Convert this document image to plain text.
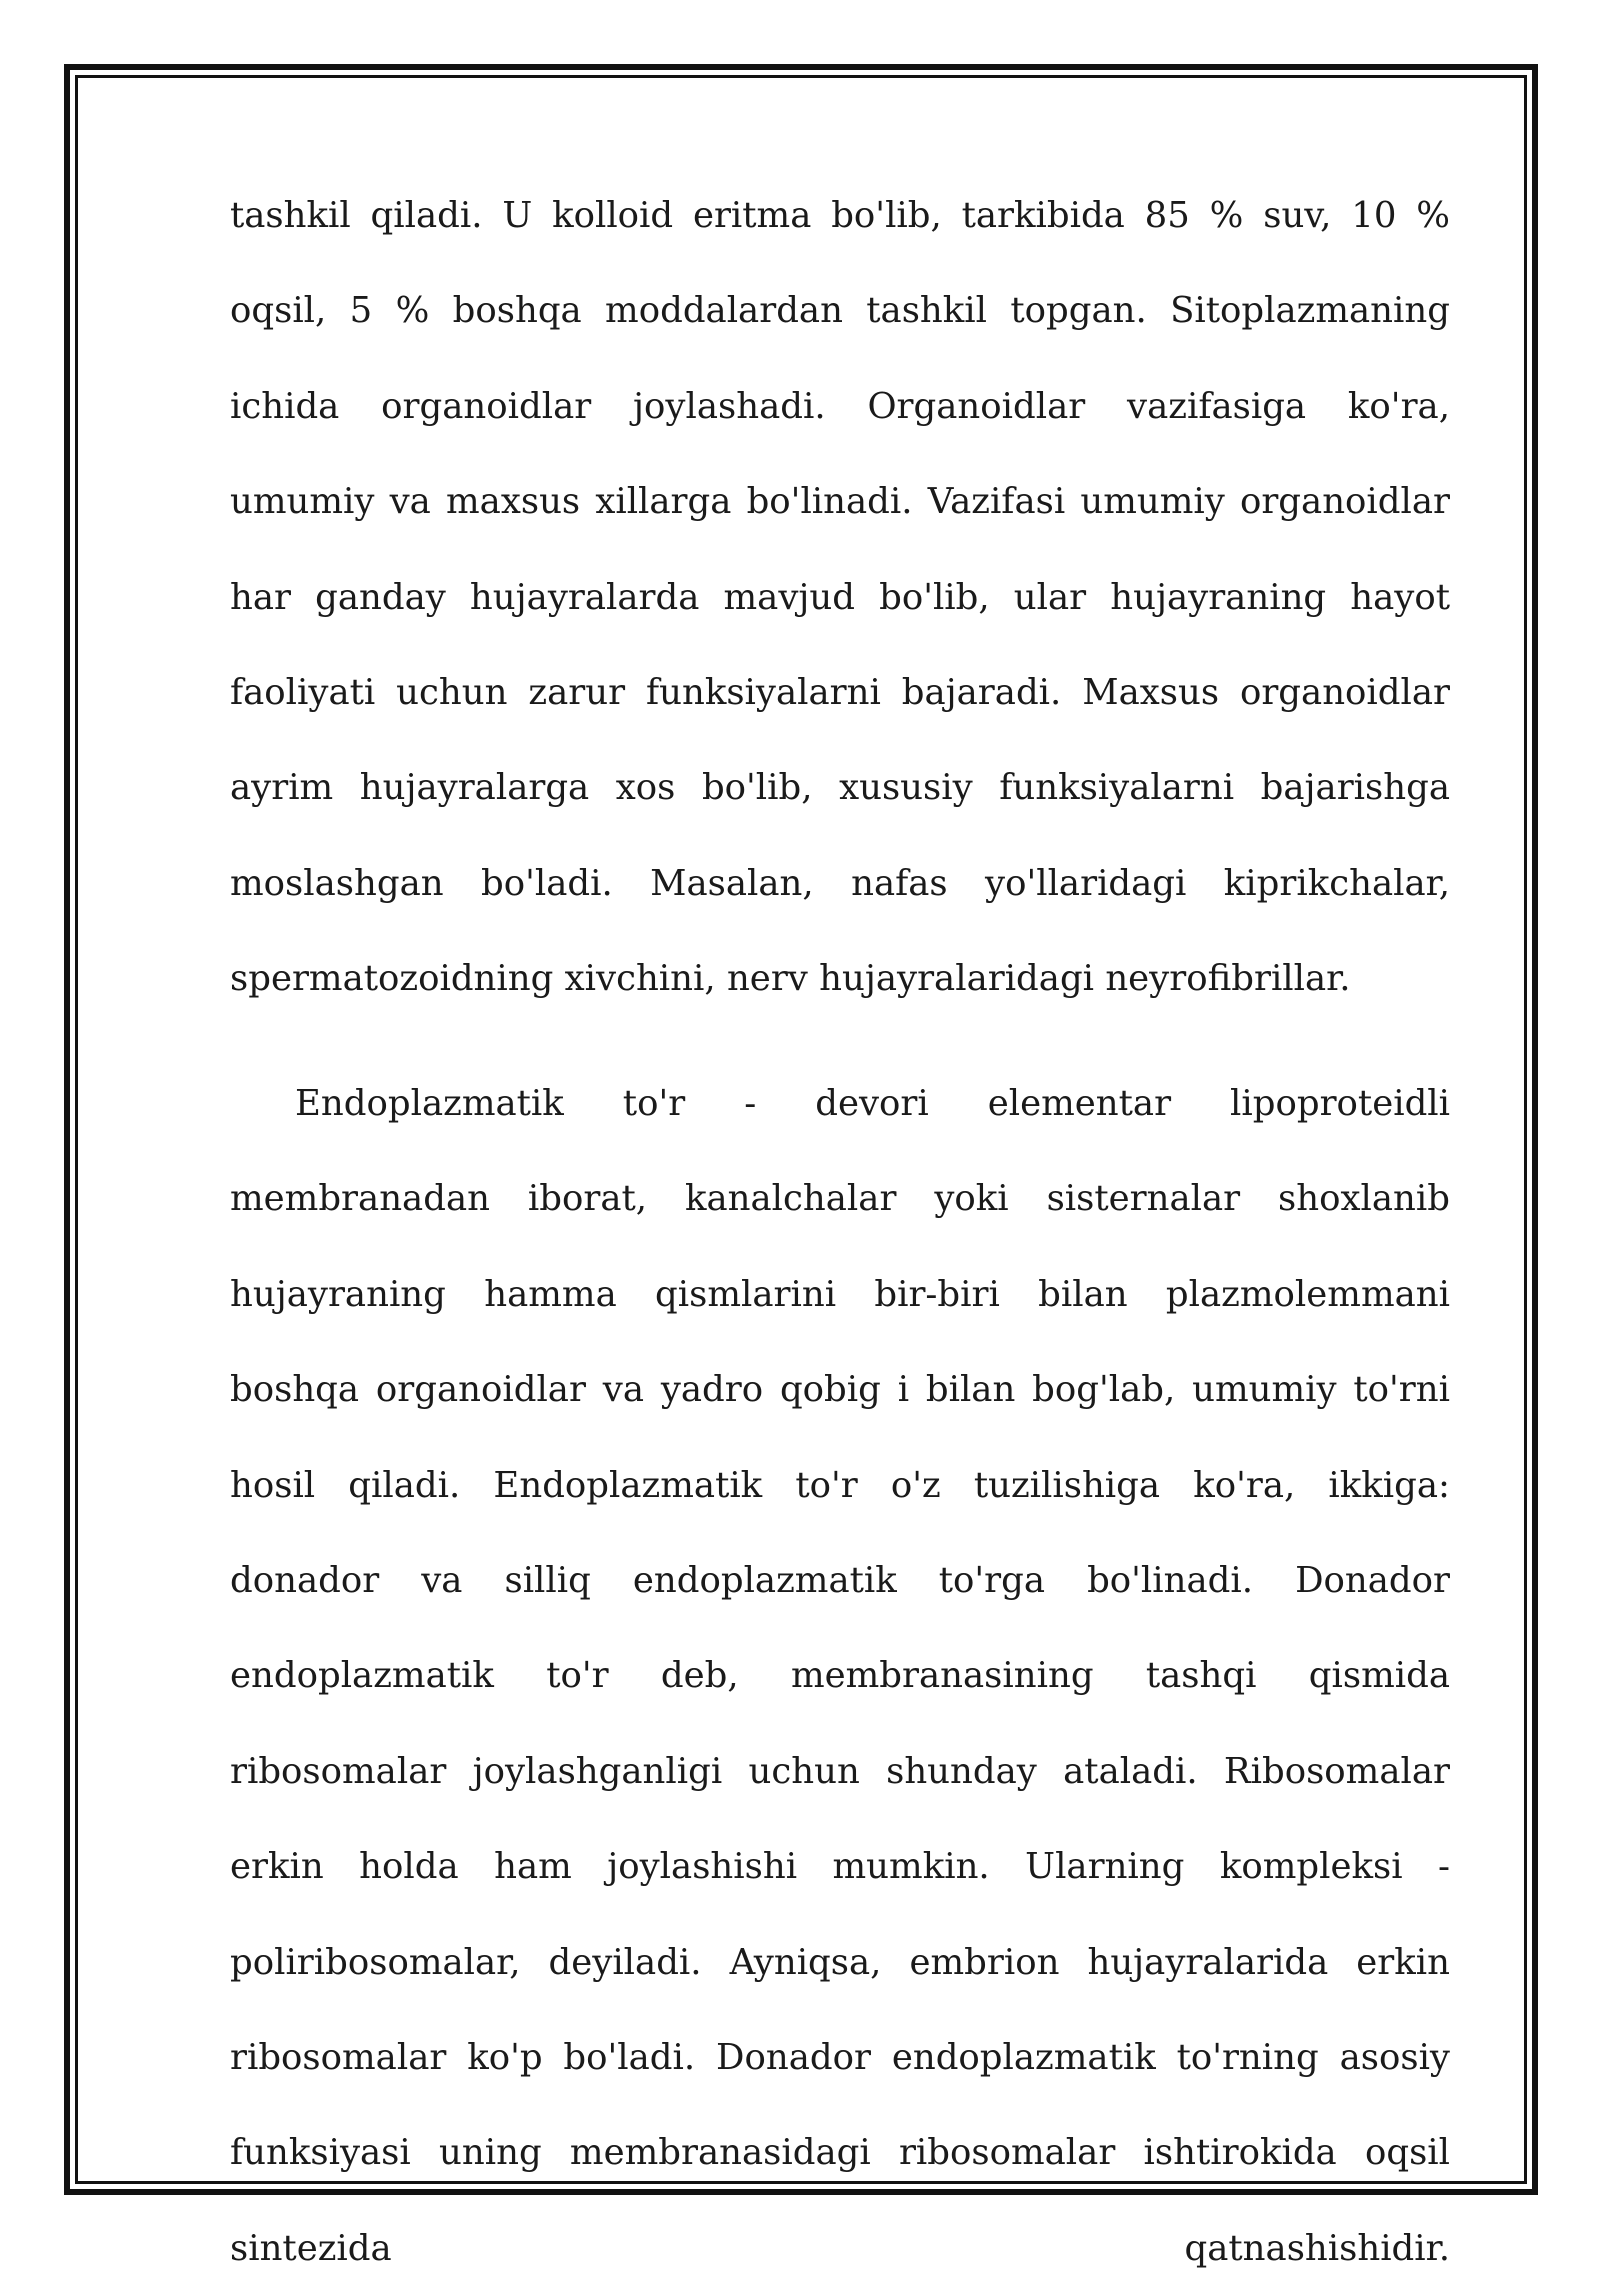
tashkil qiladi. U kolloid eritma bo'lib, tarkibida 85 % suv, 10 % oqsil, 5 % boshqa moddalardan tashkil topgan. Sitoplazmaning ichida organoidlar joylashadi. Organoidlar vazifasiga ko'ra, umumiy va maxsus xillarga bo'linadi. Vazifasi umumiy organoidlar har ganday hujayralarda mavjud bo'lib, ular hujayraning hayot faoliyati uchun zarur funksiyalarni bajaradi. Maxsus organoidlar ayrim hujayralarga xos bo'lib, xususiy funksiyalarni bajarishga moslashgan bo'ladi. Masalan, nafas yo'llaridagi kiprikchalar, spermatozoidning xivchini, nerv hujayralaridagi neyrofibrillar.

Endoplazmatik to'r - devori elementar lipoproteidli membranadan iborat, kanalchalar yoki sisternalar shoxlanib hujayraning hamma qismlarini bir-biri bilan plazmolemmani boshqa organoidlar va yadro qobig i bilan bog'lab, umumiy to'rni hosil qiladi. Endoplazmatik to'r o'z tuzilishiga ko'ra, ikkiga: donador va silliq endoplazmatik to'rga bo'linadi. Donador endoplazmatik to'r deb, membranasining tashqi qismida ribosomalar joylashganligi uchun shunday ataladi. Ribosomalar erkin holda ham joylashishi mumkin. Ularning kompleksi - poliribosomalar, deyiladi. Ayniqsa, embrion hujayralarida erkin ribosomalar ko'p bo'ladi. Donador endoplazmatik to'rning asosiy funksiyasi uning membranasidagi ribosomalar ishtirokida oqsil sintezida qatnashishidir.
